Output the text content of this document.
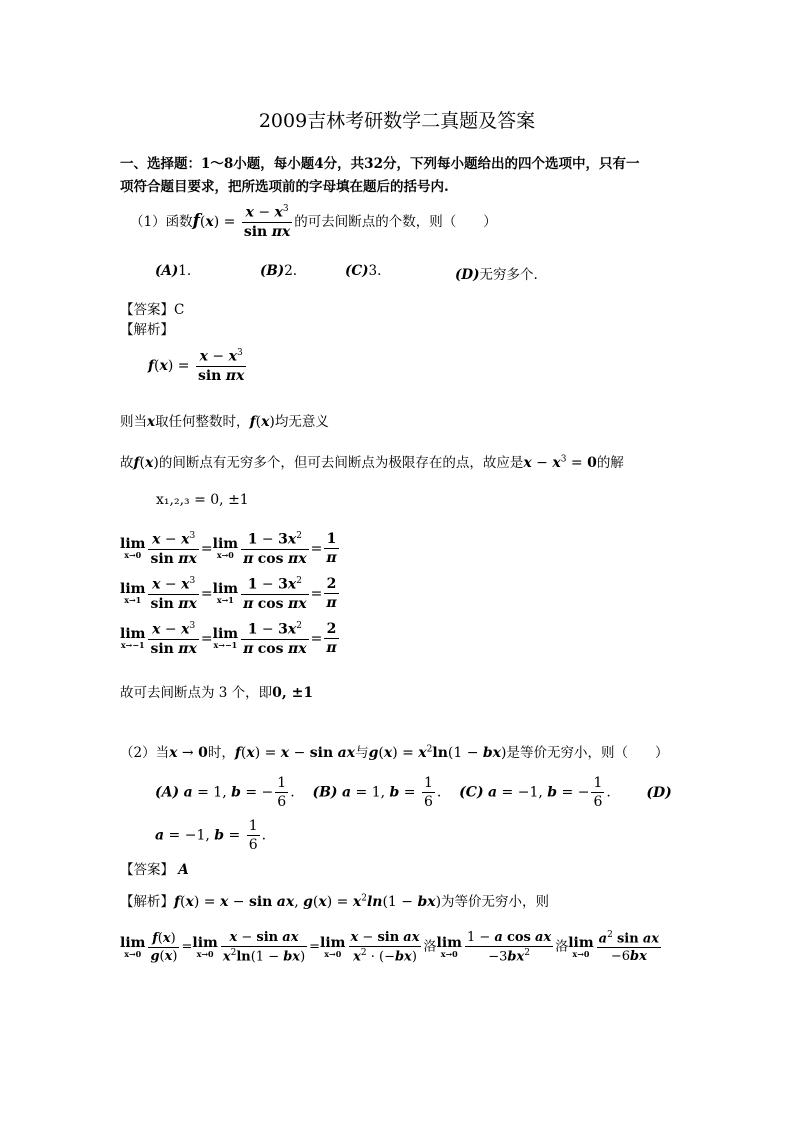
2009吉林考研数学二真题及答案
一、选择题：1～8小题，每小题4分，共32分，下列每小题给出的四个选项中，只有一
项符合题目要求，把所选项前的字母填在题后的括号内.
（1）函数$f(x) = \frac{x - x^3}{\text{sin πx}}$ 的可去间断点的个数，则（　　）
(A)1.	(B)2.	(C)3.	(D)无穷多个.
【答案】C
【解析】
$f(x) = \frac{x - x^3}{\text{sin πx}}$
则当x取任何整数时，f(x)均无意义
故f(x)的间断点有无穷多个，但可去间断点为极限存在的点，故应是$x - x^3 = 0$的解
x₁,₂,₃ = 0, ±1
lim
$x\to 0 \frac{x - x^3}{\text{sin πx}} = \lim$
$x\to 0 \frac{1 - 3x^2}{\text{π cos πx}} = \frac{1}{\pi}$
lim
$x\to 1 \frac{x - x^3}{\text{sin πx}} = \lim$
$x\to 1 \frac{1 - 3x^2}{\text{π cos πx}} = \frac{2}{\pi}$
lim
$x\to-1 \frac{x - x^3}{\text{sin πx}} = \lim$
$x\to-1 \frac{1 - 3x^2}{\text{π cos πx}} = \frac{2}{\pi}$
故可去间断点为 3 个，即0, ±1
（2）当x → 0时，f(x) = x − sin ax与$g(x) = x^2\ln(1 - bx)$是等价无穷小，则（　　）
(A) a = 1, b = − $\frac{1}{6}$ . (B) a = 1, $b = \frac{1}{6}$ . (C) a = −1, b = − $\frac{1}{6}$ .	(D)
a = −1, $b = \frac{1}{6}$ .
【答案】 A
【解析】f(x) = x − sin ax, $g(x) = x^2\ln(1 - bx)$为等价无穷小，则
lim
$x\to 0 \frac{f(x)}{g(x)} = \lim$
$x\to 0 \frac{\text{x − sin ax}}{x^2\ln(1 - bx)} = \lim$
$x\to 0 \frac{\text{x − sin ax}}{x^2 \cdot (-bx)}$ 洛 lim
$x\to 0 \frac{\text{1 − a cos ax}}{-3bx^2}$ 洛 lim
$x\to 0 \frac{a^2 \sin ax}{-6bx}$
